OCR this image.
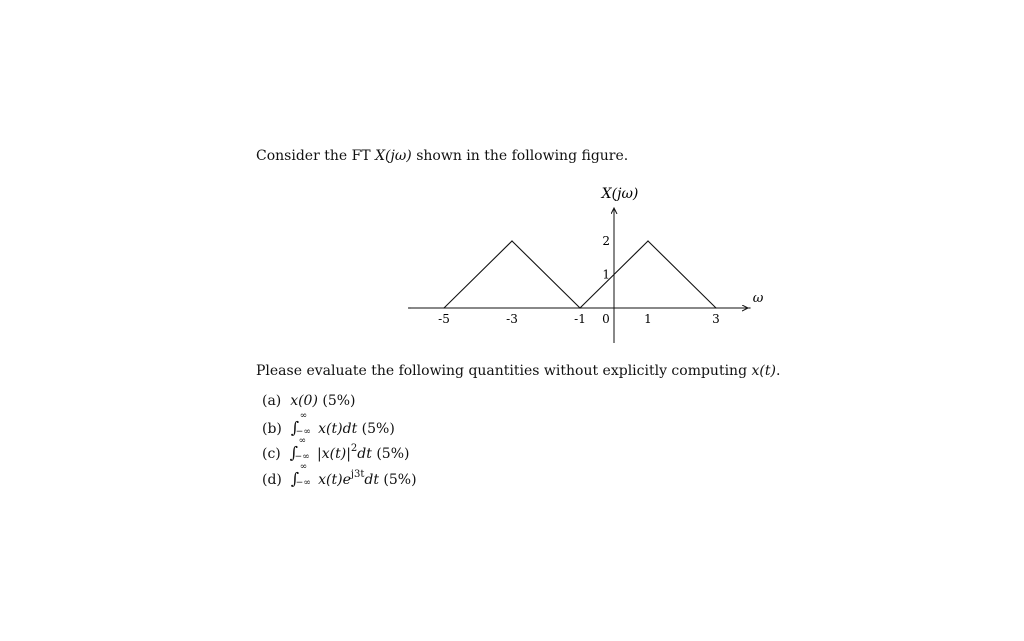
Consider the FT X(jω) shown in the following figure.
X(jω)
ω
-5	-3	-1 0	1	3
2
1
Please evaluate the following quantities without explicitly computing x(t).
(a) x(0) (5%)
(b) ∫
∞
−∞ x(t)dt (5%)
(c) ∫
∞
−∞ $|x(t)|^2dt$ (5%)
(d) ∫
∞
−∞ $x(t)e^{j3t}dt$ (5%)
